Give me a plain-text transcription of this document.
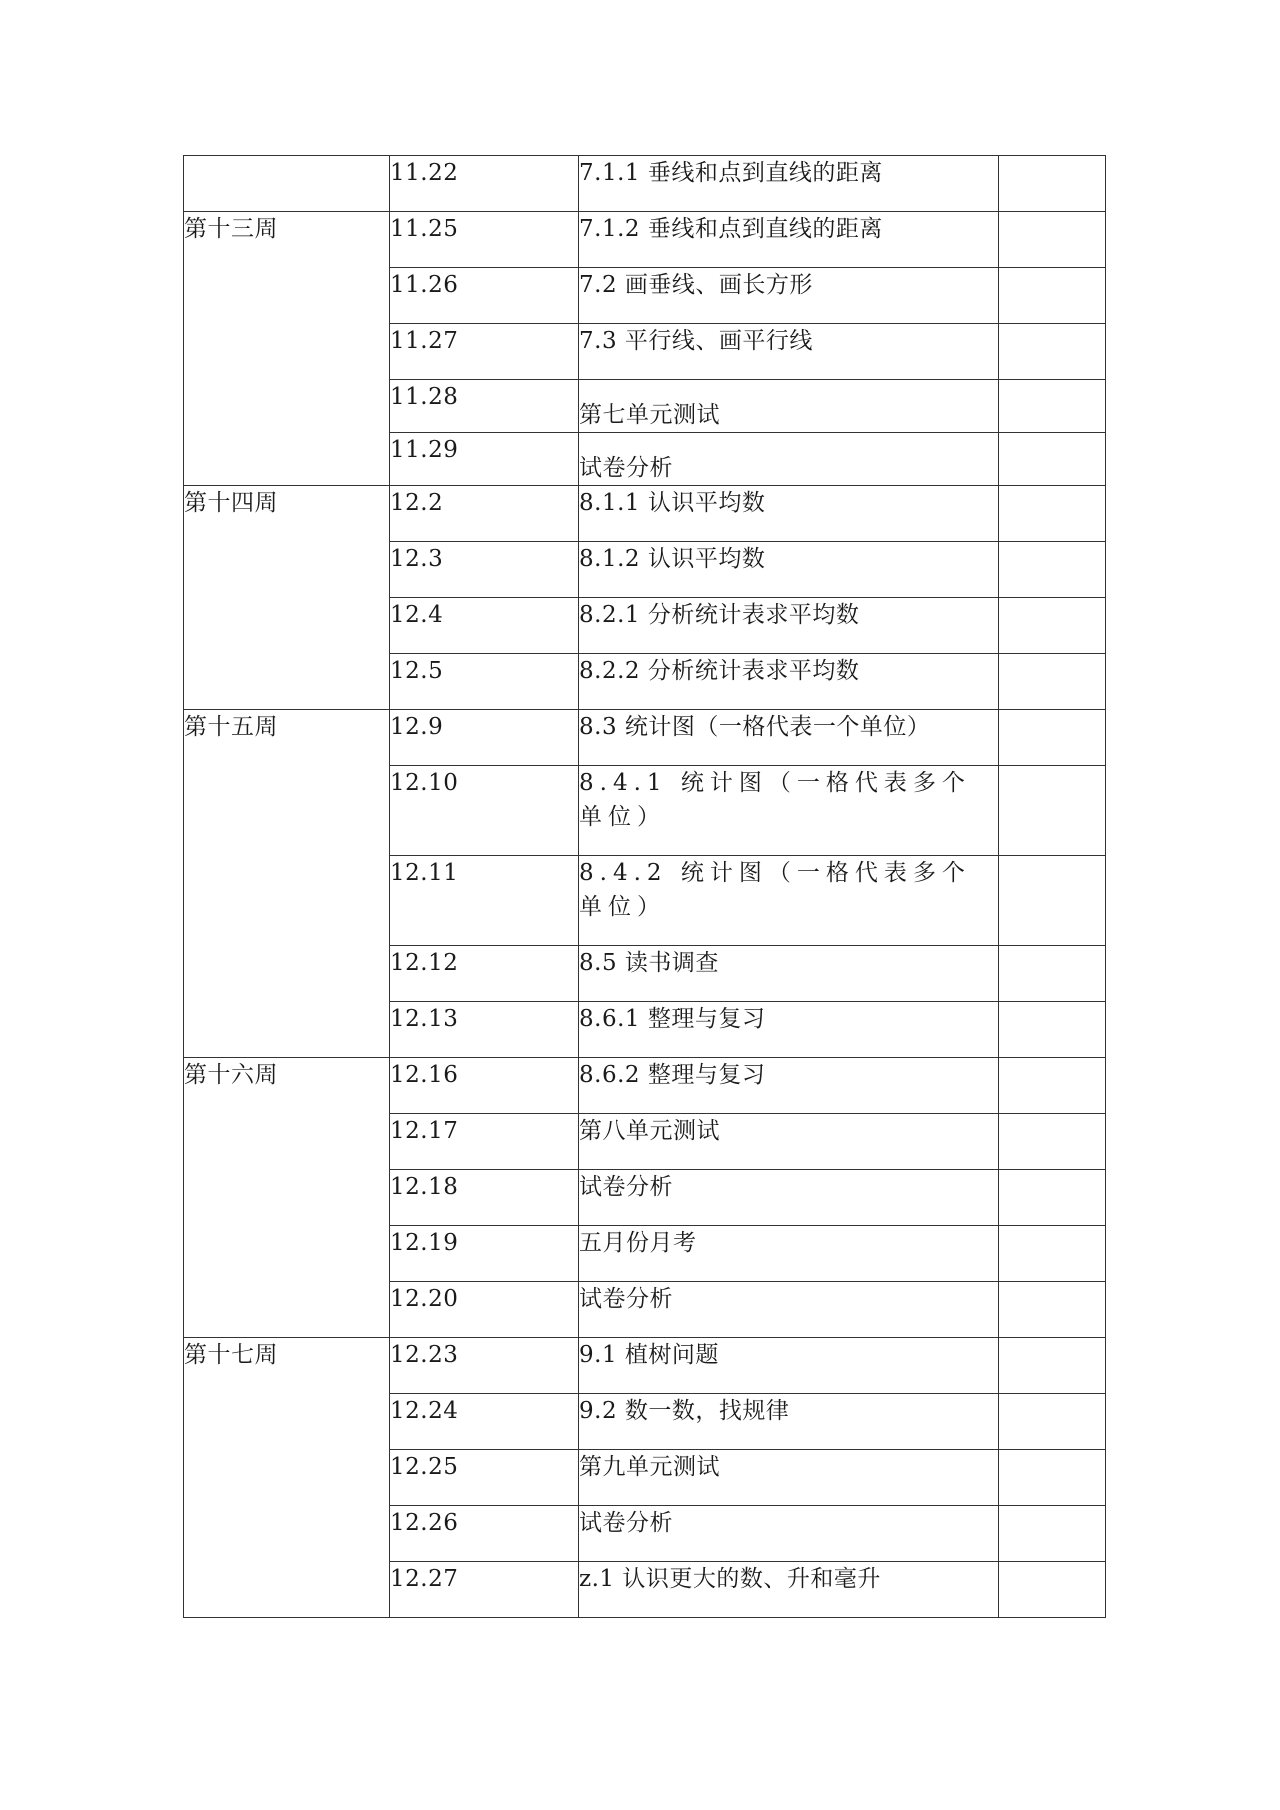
	11.22	7.1.1 垂线和点到直线的距离	
第十三周	11.25	7.1.2 垂线和点到直线的距离	
	11.26	7.2 画垂线、画长方形	
	11.27	7.3 平行线、画平行线	
	11.28	第七单元测试	
	11.29	试卷分析	
第十四周	12.2	8.1.1 认识平均数	
	12.3	8.1.2 认识平均数	
	12.4	8.2.1 分析统计表求平均数	
	12.5	8.2.2 分析统计表求平均数	
第十五周	12.9	8.3 统计图（一格代表一个单位）	
	12.10	8.4.1 统计图（一格代表多个单位）	
	12.11	8.4.2 统计图（一格代表多个单位）	
	12.12	8.5 读书调查	
	12.13	8.6.1 整理与复习	
第十六周	12.16	8.6.2 整理与复习	
	12.17	第八单元测试	
	12.18	试卷分析	
	12.19	五月份月考	
	12.20	试卷分析	
第十七周	12.23	9.1 植树问题	
	12.24	9.2 数一数，找规律	
	12.25	第九单元测试	
	12.26	试卷分析	
	12.27	z.1 认识更大的数、升和毫升	
